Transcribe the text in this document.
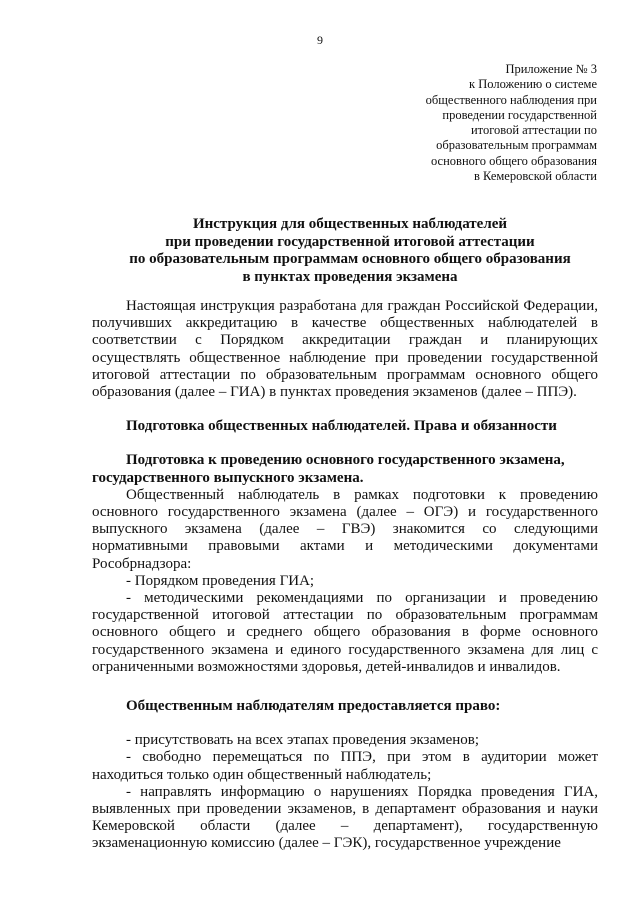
9
Приложение № 3
к Положению о системе
общественного наблюдения при
проведении государственной
итоговой аттестации по
образовательным программам
основного общего образования
в Кемеровской области
Инструкция для общественных наблюдателей
при проведении государственной итоговой аттестации
по образовательным программам основного общего образования
в пунктах проведения экзамена

Настоящая инструкция разработана для граждан Российской Федерации, получивших аккредитацию в качестве общественных наблюдателей в соответствии с Порядком аккредитации граждан и планирующих осуществлять общественное наблюдение при проведении государственной итоговой аттестации по образовательным программам основного общего образования (далее – ГИА) в пунктах проведения экзаменов (далее – ППЭ).

Подготовка общественных наблюдателей. Права и обязанности
Подготовка к проведению основного государственного экзамена,
государственного выпускного экзамена.

Общественный наблюдатель в рамках подготовки к проведению основного государственного экзамена (далее – ОГЭ) и государственного выпускного экзамена (далее – ГВЭ) знакомится со следующими нормативными правовыми актами и методическими документами Рособрнадзора:

- Порядком проведения ГИА;

- методическими рекомендациями по организации и проведению государственной итоговой аттестации по образовательным программам основного общего и среднего общего образования в форме основного государственного экзамена и единого государственного экзамена для лиц с ограниченными возможностями здоровья, детей-инвалидов и инвалидов.

Общественным наблюдателям предоставляется право:

- присутствовать на всех этапах проведения экзаменов;

- свободно перемещаться по ППЭ, при этом в аудитории может находиться только один общественный наблюдатель;

- направлять информацию о нарушениях Порядка проведения ГИА, выявленных при проведении экзаменов, в департамент образования и науки Кемеровской области (далее – департамент), государственную экзаменационную комиссию (далее – ГЭК), государственное учреждение
